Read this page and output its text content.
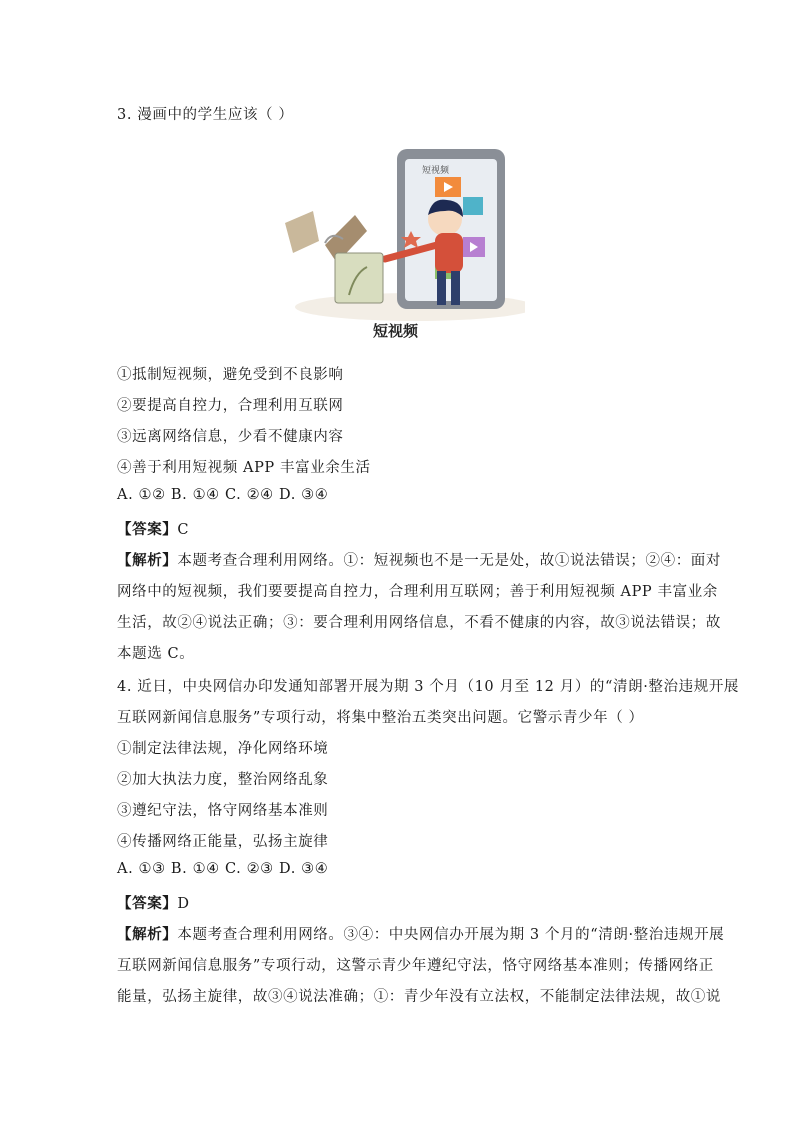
3. 漫画中的学生应该（ ）
短视频
短视频
①抵制短视频，避免受到不良影响
②要提高自控力，合理利用互联网
③远离网络信息，少看不健康内容
④善于利用短视频 APP 丰富业余生活
A. ①② B. ①④ C. ②④ D. ③④
【答案】C
【解析】本题考查合理利用网络。①：短视频也不是一无是处，故①说法错误；②④：面对
网络中的短视频，我们要要提高自控力，合理利用互联网；善于利用短视频 APP 丰富业余
生活，故②④说法正确；③：要合理利用网络信息，不看不健康的内容，故③说法错误；故
本题选 C。
4. 近日，中央网信办印发通知部署开展为期 3 个月（10 月至 12 月）的“清朗·整治违规开展
互联网新闻信息服务”专项行动，将集中整治五类突出问题。它警示青少年（ ）
①制定法律法规，净化网络环境
②加大执法力度，整治网络乱象
③遵纪守法，恪守网络基本准则
④传播网络正能量，弘扬主旋律
A. ①③ B. ①④ C. ②③ D. ③④
【答案】D
【解析】本题考查合理利用网络。③④：中央网信办开展为期 3 个月的“清朗·整治违规开展
互联网新闻信息服务”专项行动，这警示青少年遵纪守法，恪守网络基本准则；传播网络正
能量，弘扬主旋律，故③④说法准确；①：青少年没有立法权，不能制定法律法规，故①说
